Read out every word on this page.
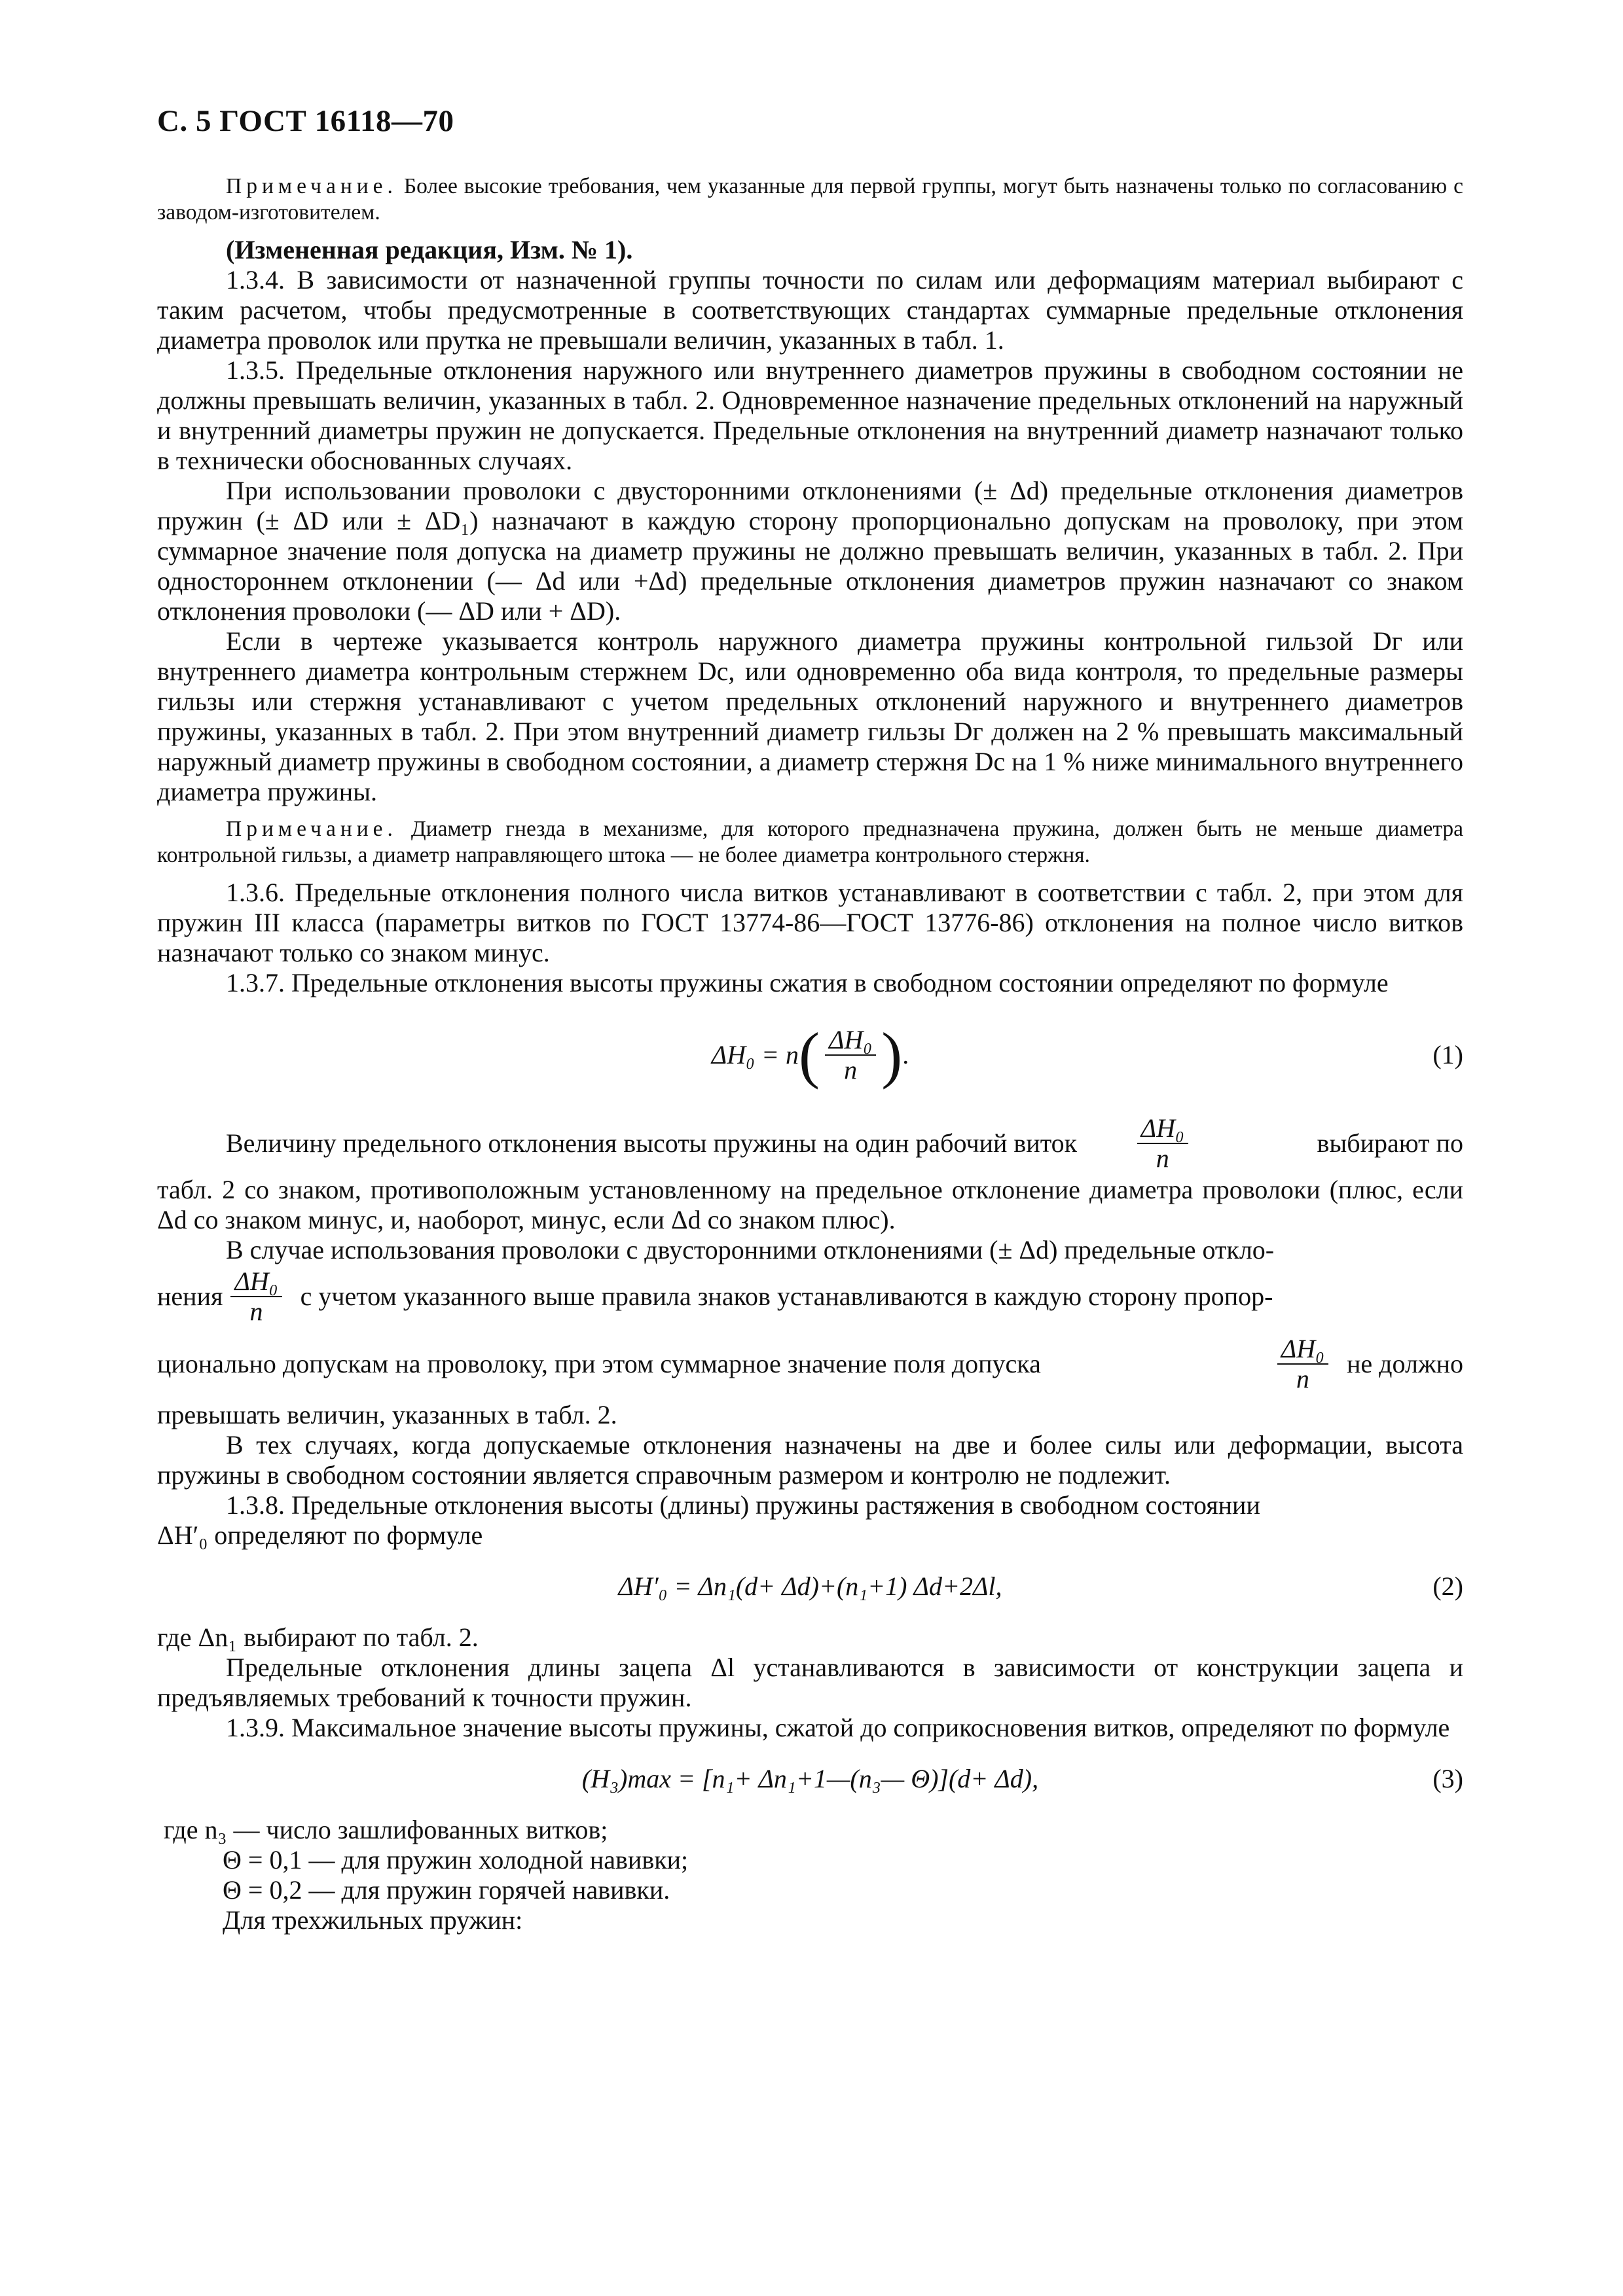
С. 5 ГОСТ 16118—70

Примечание. Более высокие требования, чем указанные для первой группы, могут быть назначены только по согласованию с заводом-изготовителем.

(Измененная редакция, Изм. № 1).

1.3.4. В зависимости от назначенной группы точности по силам или деформациям материал выбирают с таким расчетом, чтобы предусмотренные в соответствующих стандартах суммарные предельные отклонения диаметра проволок или прутка не превышали величин, указанных в табл. 1.

1.3.5. Предельные отклонения наружного или внутреннего диаметров пружины в свободном состоянии не должны превышать величин, указанных в табл. 2. Одновременное назначение предельных отклонений на наружный и внутренний диаметры пружин не допускается. Предельные отклонения на внутренний диаметр назначают только в технически обоснованных случаях.

При использовании проволоки с двусторонними отклонениями (± Δd) предельные отклонения диаметров пружин (± ΔD или ± ΔD₁) назначают в каждую сторону пропорционально допускам на проволоку, при этом суммарное значение поля допуска на диаметр пружины не должно превышать величин, указанных в табл. 2. При одностороннем отклонении (— Δd или +Δd) предельные отклонения диаметров пружин назначают со знаком отклонения проволоки (— ΔD или + ΔD).

Если в чертеже указывается контроль наружного диаметра пружины контрольной гильзой Dг или внутреннего диаметра контрольным стержнем Dс, или одновременно оба вида контроля, то предельные размеры гильзы или стержня устанавливают с учетом предельных отклонений наружного и внутреннего диаметров пружины, указанных в табл. 2. При этом внутренний диаметр гильзы Dг должен на 2 % превышать максимальный наружный диаметр пружины в свободном состоянии, а диаметр стержня Dс на 1 % ниже минимального внутреннего диаметра пружины.

Примечание. Диаметр гнезда в механизме, для которого предназначена пружина, должен быть не меньше диаметра контрольной гильзы, а диаметр направляющего штока — не более диаметра контрольного стержня.

1.3.6. Предельные отклонения полного числа витков устанавливают в соответствии с табл. 2, при этом для пружин III класса (параметры витков по ГОСТ 13774-86—ГОСТ 13776-86) отклонения на полное число витков назначают только со знаком минус.

1.3.7. Предельные отклонения высоты пружины сжатия в свободном состоянии определяют по формуле

ΔH₀ = n ( $\frac{\text{ΔH₀}}{n}$ ) .	(1)

Величину предельного отклонения высоты пружины на один рабочий виток $\frac{\text{ΔH₀}}{n}$	выбирают по

табл. 2 со знаком, противоположным установленному на предельное отклонение диаметра проволоки (плюс, если Δd со знаком минус, и, наоборот, минус, если Δd со знаком плюс).

В случае использования проволоки с двусторонними отклонениями (± Δd) предельные откло-

нения $\frac{\text{ΔH₀}}{n}$ с учетом указанного выше правила знаков устанавливаются в каждую сторону пропор-

ционально допускам на проволоку, при этом суммарное значение поля допуска	$\frac{\text{ΔH₀}}{n}$ не должно

превышать величин, указанных в табл. 2.

В тех случаях, когда допускаемые отклонения назначены на две и более силы или деформации, высота пружины в свободном состоянии является справочным размером и контролю не подлежит.

1.3.8. Предельные отклонения высоты (длины) пружины растяжения в свободном состоянии

ΔH′₀ определяют по формуле

ΔH′₀ = Δn₁(d+ Δd)+(n₁+1) Δd+2Δl,	(2)

где Δn₁ выбирают по табл. 2.

Предельные отклонения длины зацепа Δl устанавливаются в зависимости от конструкции зацепа и предъявляемых требований к точности пружин.

1.3.9. Максимальное значение высоты пружины, сжатой до соприкосновения витков, определяют по формуле

(H₃)max = [n₁+ Δn₁+1—(n₃— Θ)](d+ Δd),	(3)
где n₃ — число зашлифованных витков;
Θ = 0,1 — для пружин холодной навивки;
Θ = 0,2 — для пружин горячей навивки.
Для трехжильных пружин:
